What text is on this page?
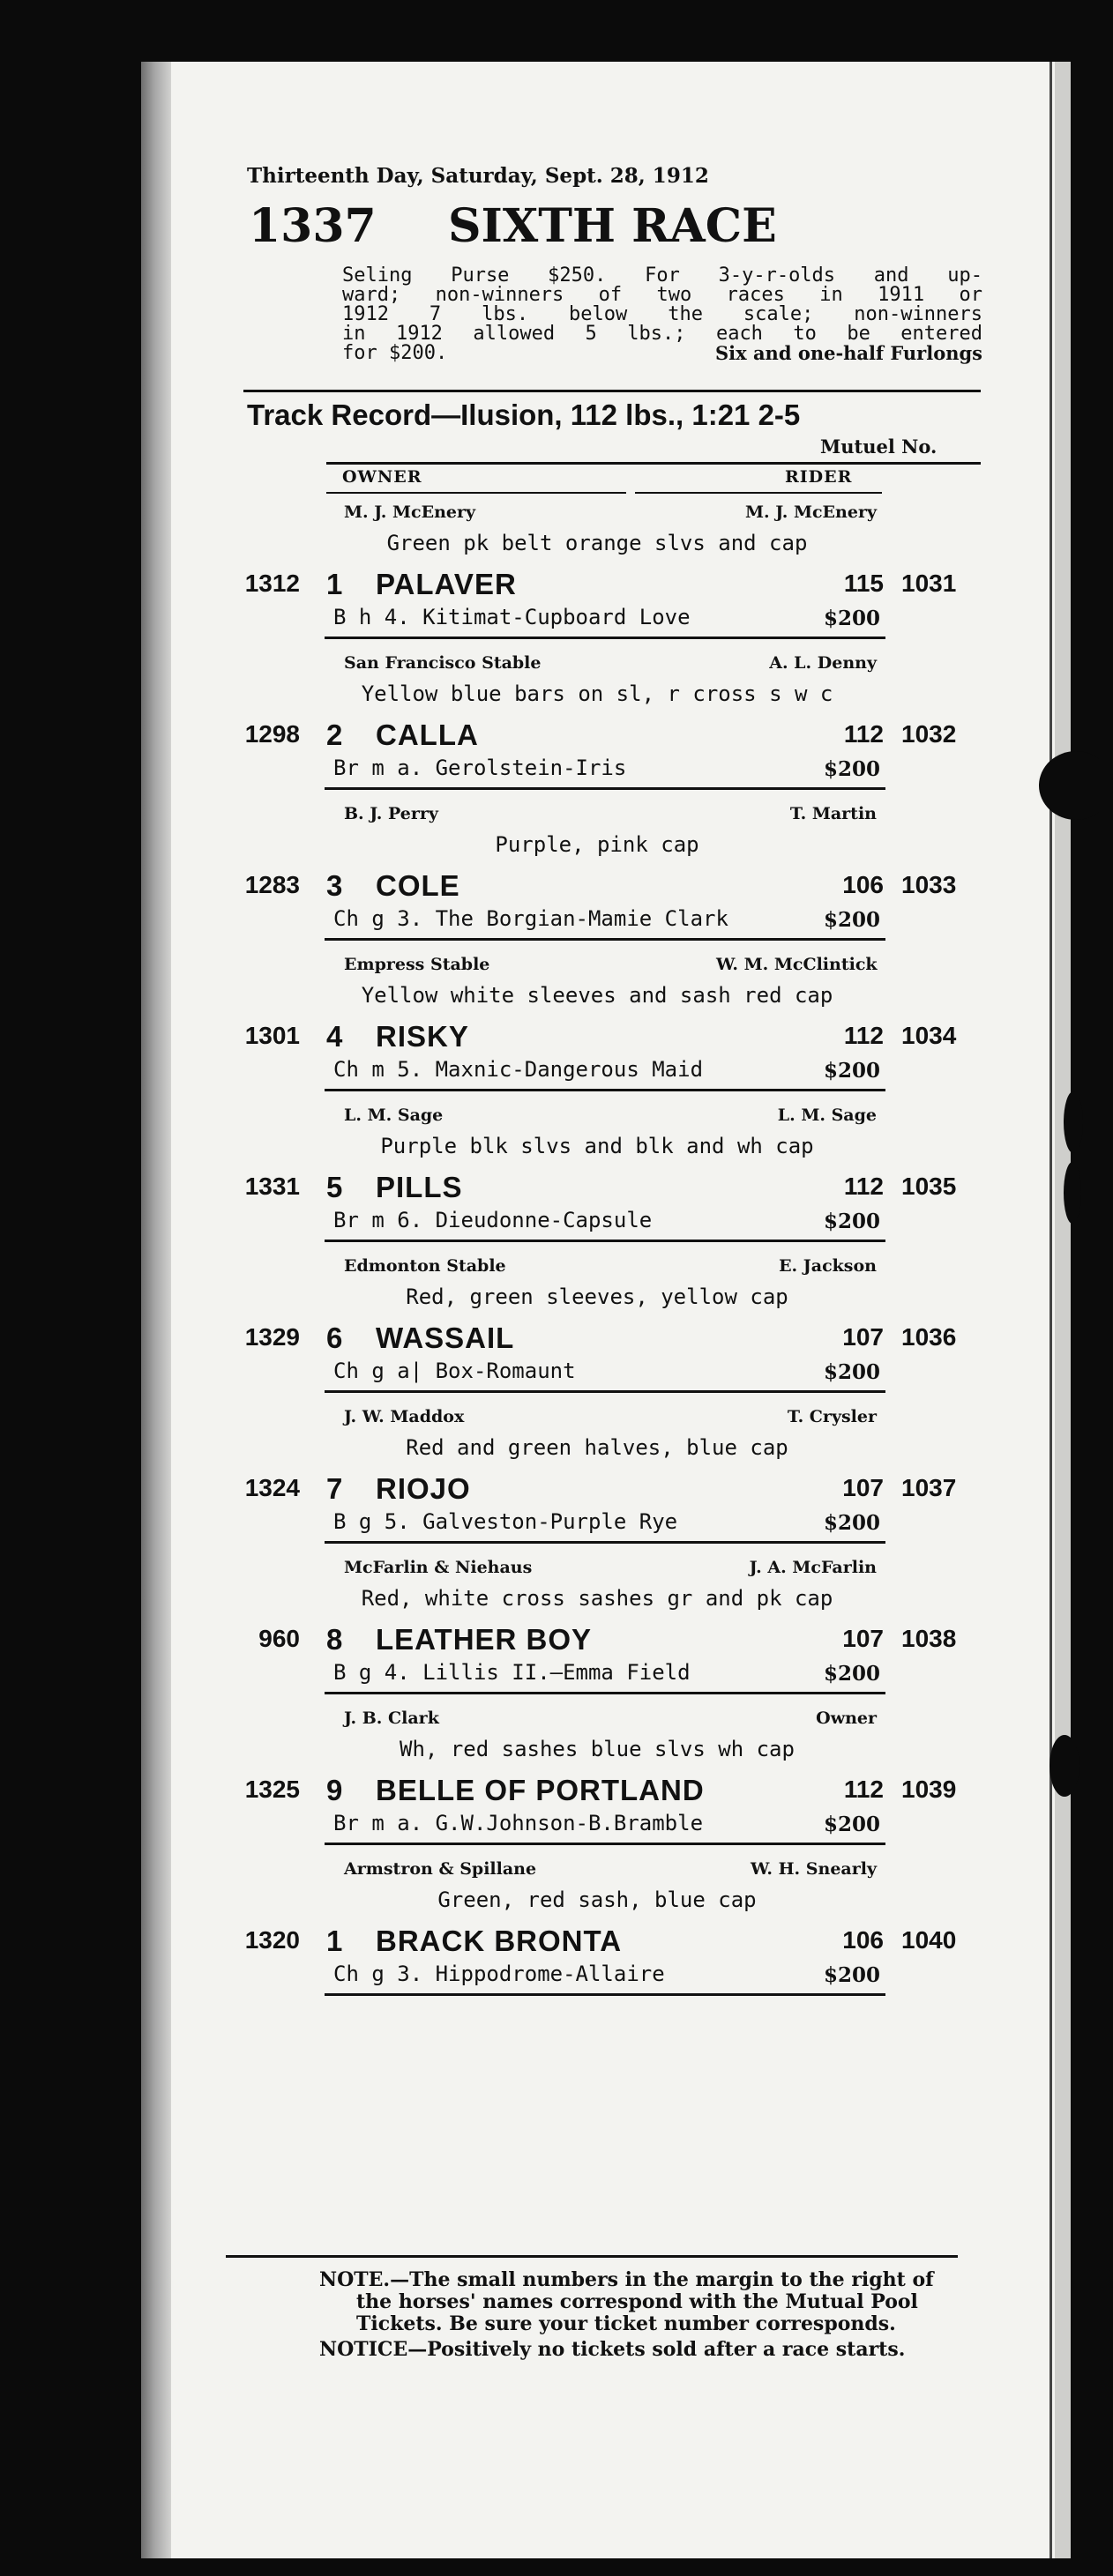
Thirteenth Day, Saturday, Sept. 28, 1912
1337 SIXTH RACE
Seling Purse $250. For 3-y-r-olds and up-
ward; non-winners of two races in 1911 or
1912 7 lbs. below the scale; non-winners
in 1912 allowed 5 lbs.; each to be entered
for $200.	Six and one-half Furlongs
Track Record—Ilusion, 112 lbs., 1:21 2-5
Mutuel No.
OWNER	RIDER
M. J. McEnery	M. J. McEnery
Green pk belt orange slvs and cap
1312 1 PALAVER	115 1031
B h 4. Kitimat-Cupboard Love	$200
San Francisco Stable	A. L. Denny
Yellow blue bars on sl, r cross s w c
1298 2 CALLA	112 1032
Br m a. Gerolstein-Iris	$200
B. J. Perry	T. Martin
Purple, pink cap
1283 3 COLE	106 1033
Ch g 3. The Borgian-Mamie Clark	$200
Empress Stable	W. M. McClintick
Yellow white sleeves and sash red cap
1301 4 RISKY	112 1034
Ch m 5. Maxnic-Dangerous Maid	$200
L. M. Sage	L. M. Sage
Purple blk slvs and blk and wh cap
1331 5 PILLS	112 1035
Br m 6. Dieudonne-Capsule	$200
Edmonton Stable	E. Jackson
Red, green sleeves, yellow cap
1329 6 WASSAIL	107 1036
Ch g a| Box-Romaunt	$200
J. W. Maddox	T. Crysler
Red and green halves, blue cap
1324 7 RIOJO	107 1037
B g 5. Galveston-Purple Rye	$200
McFarlin & Niehaus	J. A. McFarlin
Red, white cross sashes gr and pk cap
960 8 LEATHER BOY	107 1038
B g 4. Lillis II.—Emma Field	$200
J. B. Clark	Owner
Wh, red sashes blue slvs wh cap
1325 9 BELLE OF PORTLAND	112 1039
Br m a. G.W.Johnson-B.Bramble	$200
Armstron & Spillane	W. H. Snearly
Green, red sash, blue cap
1320 1 BRACK BRONTA	106 1040
Ch g 3. Hippodrome-Allaire	$200

NOTE.—The small numbers in the margin to the right of the horses' names correspond with the Mutual Pool Tickets. Be sure your ticket number corresponds.

NOTICE—Positively no tickets sold after a race starts.
